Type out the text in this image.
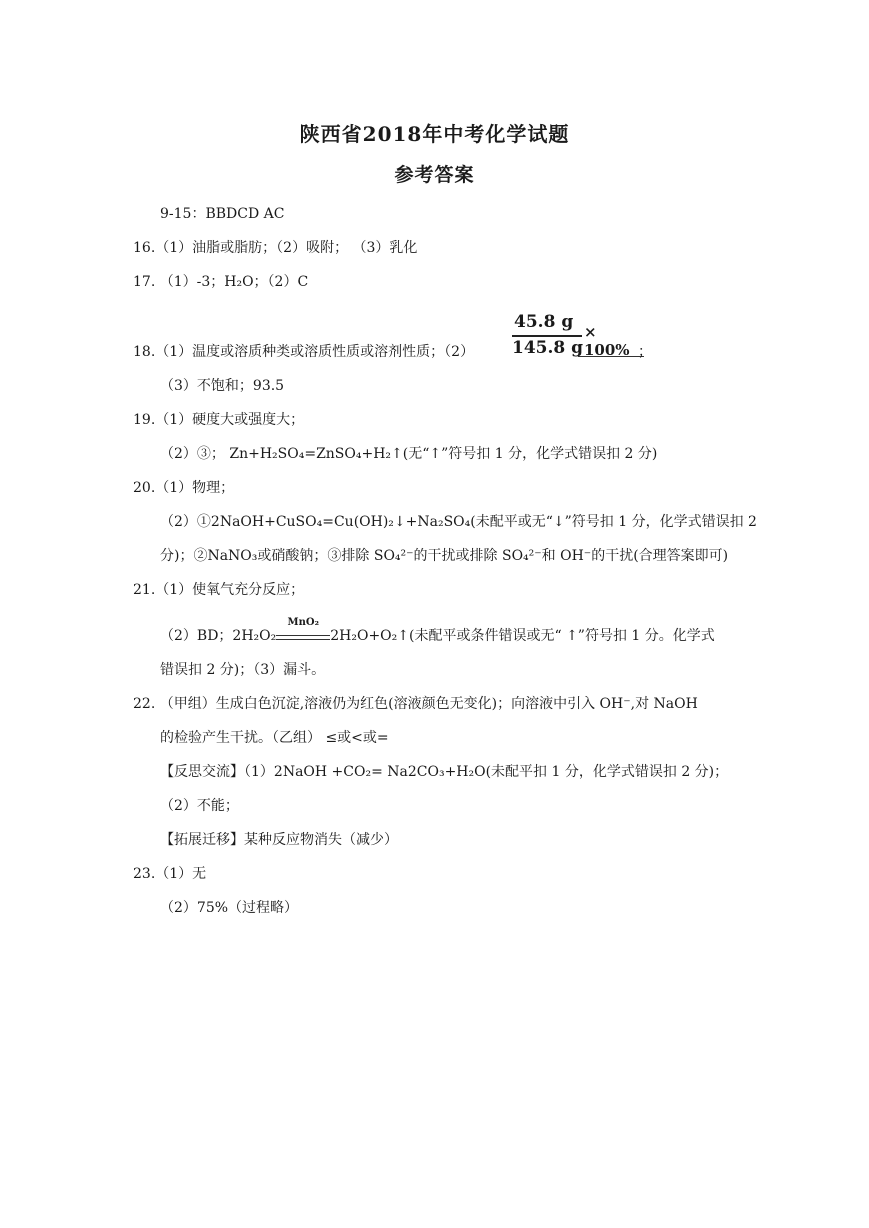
陕西省2018年中考化学试题
参考答案
9-15：BBDCD AC
16.（1）油脂或脂肪；（2）吸附； （3）乳化
17. （1）-3；H₂O；（2）C
18.（1）温度或溶质种类或溶质性质或溶剂性质；（2）
45.8 g
145.8 g
× 100% ；
（3）不饱和；93.5
19.（1）硬度大或强度大；
（2）③； Zn+H₂SO₄=ZnSO₄+H₂↑(无“↑”符号扣 1 分，化学式错误扣 2 分)
20.（1）物理；
（2）①2NaOH+CuSO₄=Cu(OH)₂↓+Na₂SO₄(未配平或无“↓”符号扣 1 分，化学式错误扣 2
分)；②NaNO₃或硝酸钠；③排除 SO₄²⁻的干扰或排除 SO₄²⁻和 OH⁻的干扰(合理答案即可)
21.（1）使氧气充分反应；
（2）BD；2H₂O₂
MnO₂
2H₂O+O₂↑(未配平或条件错误或无“ ↑”符号扣 1 分。化学式
错误扣 2 分)；（3）漏斗。
22. （甲组）生成白色沉淀,溶液仍为红色(溶液颜色无变化)；向溶液中引入 OH⁻,对 NaOH
的检验产生干扰。（乙组） ≤或<或=
【反思交流】（1）2NaOH +CO₂= Na2CO₃+H₂O(未配平扣 1 分，化学式错误扣 2 分)；
（2）不能；
【拓展迁移】某种反应物消失（减少）
23.（1）无
（2）75%（过程略）
